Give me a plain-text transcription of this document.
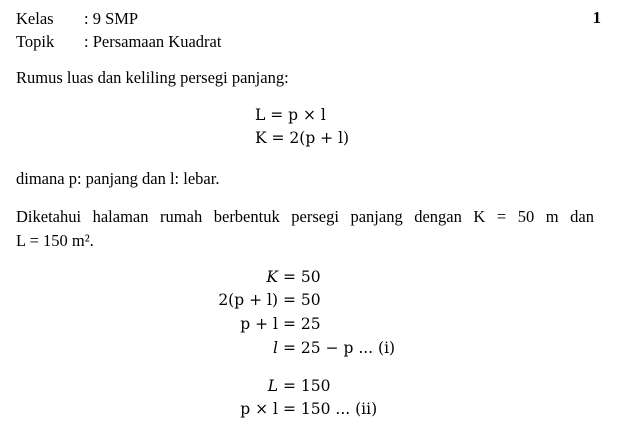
Kelas : 9 SMP
Topik : Persamaan Kuadrat
1
Rumus luas dan keliling persegi panjang:
L = p × l
K = 2(p + l)
dimana p: panjang dan l: lebar.
Diketahui halaman rumah berbentuk persegi panjang dengan K = 50 m dan
L = 150 m².
K = 50
2(p + l) = 50
p + l = 25
l = 25 − p ... (i)
L = 150
p × l = 150 ... (ii)
